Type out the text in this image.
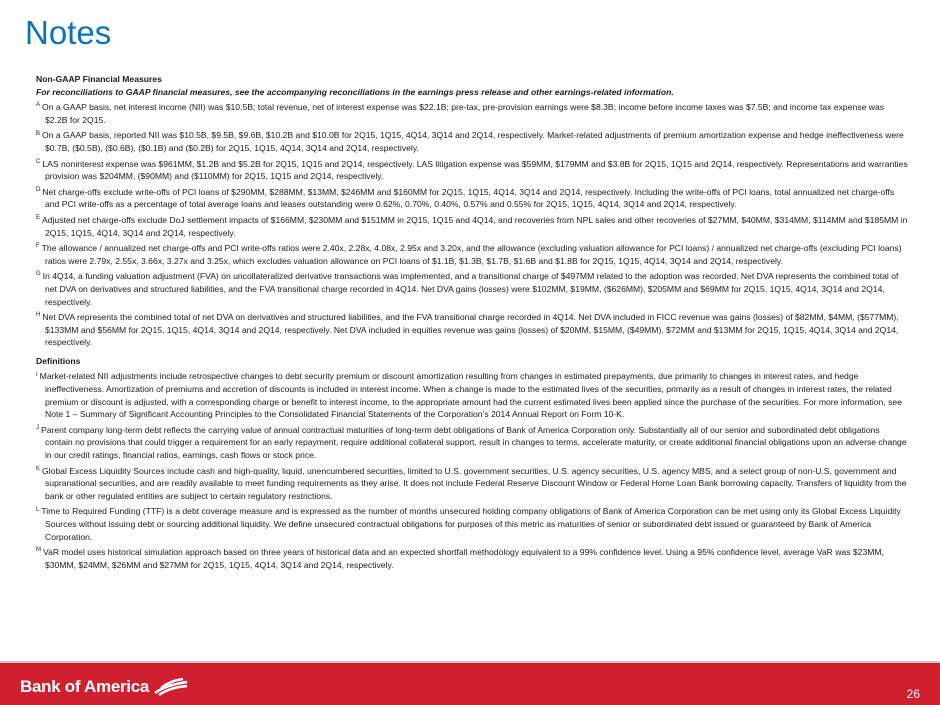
Notes
Non-GAAP Financial Measures
For reconciliations to GAAP financial measures, see the accompanying reconciliations in the earnings press release and other earnings-related information.
$^A$ On a GAAP basis, net interest income (NII) was $10.5B; total revenue, net of interest expense was $22.1B; pre-tax, pre-provision earnings were $8.3B; income before income taxes was $7.5B; and income tax expense was $2.2B for 2Q15.
$^B$ On a GAAP basis, reported NII was $10.5B, $9.5B, $9.6B, $10.2B and $10.0B for 2Q15, 1Q15, 4Q14, 3Q14 and 2Q14, respectively. Market-related adjustments of premium amortization expense and hedge ineffectiveness were $0.7B, ($0.5B), ($0.6B), ($0.1B) and ($0.2B) for 2Q15, 1Q15, 4Q14, 3Q14 and 2Q14, respectively.
$^C$ LAS noninterest expense was $961MM, $1.2B and $5.2B for 2Q15, 1Q15 and 2Q14, respectively. LAS litigation expense was $59MM, $179MM and $3.8B for 2Q15, 1Q15 and 2Q14, respectively. Representations and warranties provision was $204MM, ($90MM) and ($110MM) for 2Q15, 1Q15 and 2Q14, respectively.
$^D$ Net charge-offs exclude write-offs of PCI loans of $290MM, $288MM, $13MM, $246MM and $160MM for 2Q15, 1Q15, 4Q14, 3Q14 and 2Q14, respectively. Including the write-offs of PCI loans, total annualized net charge-offs and PCI write-offs as a percentage of total average loans and leases outstanding were 0.62%, 0.70%, 0.40%, 0.57% and 0.55% for 2Q15, 1Q15, 4Q14, 3Q14 and 2Q14, respectively.
$^E$ Adjusted net charge-offs exclude DoJ settlement impacts of $166MM, $230MM and $151MM in 2Q15, 1Q15 and 4Q14, and recoveries from NPL sales and other recoveries of $27MM, $40MM, $314MM, $114MM and $185MM in 2Q15, 1Q15, 4Q14, 3Q14 and 2Q14, respectively.
$^F$ The allowance / annualized net charge-offs and PCI write-offs ratios were 2.40x, 2.28x, 4.08x, 2.95x and 3.20x, and the allowance (excluding valuation allowance for PCI loans) / annualized net charge-offs (excluding PCI loans) ratios were 2.79x, 2.55x, 3.66x, 3.27x and 3.25x, which excludes valuation allowance on PCI loans of $1.1B, $1.3B, $1.7B, $1.6B and $1.8B for 2Q15, 1Q15, 4Q14, 3Q14 and 2Q14, respectively.
$^G$ In 4Q14, a funding valuation adjustment (FVA) on uncollateralized derivative transactions was implemented, and a transitional charge of $497MM related to the adoption was recorded. Net DVA represents the combined total of net DVA on derivatives and structured liabilities, and the FVA transitional charge recorded in 4Q14. Net DVA gains (losses) were $102MM, $19MM, ($626MM), $205MM and $69MM for 2Q15, 1Q15, 4Q14, 3Q14 and 2Q14, respectively.
$^H$ Net DVA represents the combined total of net DVA on derivatives and structured liabilities, and the FVA transitional charge recorded in 4Q14. Net DVA included in FICC revenue was gains (losses) of $82MM, $4MM, ($577MM), $133MM and $56MM for 2Q15, 1Q15, 4Q14, 3Q14 and 2Q14, respectively. Net DVA included in equities revenue was gains (losses) of $20MM, $15MM, ($49MM), $72MM and $13MM for 2Q15, 1Q15, 4Q14, 3Q14 and 2Q14, respectively.
Definitions
$^I$ Market-related NII adjustments include retrospective changes to debt security premium or discount amortization resulting from changes in estimated prepayments, due primarily to changes in interest rates, and hedge ineffectiveness. Amortization of premiums and accretion of discounts is included in interest income. When a change is made to the estimated lives of the securities, primarily as a result of changes in interest rates, the related premium or discount is adjusted, with a corresponding charge or benefit to interest income, to the appropriate amount had the current estimated lives been applied since the purchase of the securities. For more information, see Note 1 – Summary of Significant Accounting Principles to the Consolidated Financial Statements of the Corporation’s 2014 Annual Report on Form 10-K.
$^J$ Parent company long-term debt reflects the carrying value of annual contractual maturities of long-term debt obligations of Bank of America Corporation only. Substantially all of our senior and subordinated debt obligations contain no provisions that could trigger a requirement for an early repayment, require additional collateral support, result in changes to terms, accelerate maturity, or create additional financial obligations upon an adverse change in our credit ratings, financial ratios, earnings, cash flows or stock price.
$^K$ Global Excess Liquidity Sources include cash and high-quality, liquid, unencumbered securities, limited to U.S. government securities, U.S. agency securities, U.S. agency MBS, and a select group of non-U.S. government and supranational securities, and are readily available to meet funding requirements as they arise. It does not include Federal Reserve Discount Window or Federal Home Loan Bank borrowing capacity. Transfers of liquidity from the bank or other regulated entities are subject to certain regulatory restrictions.
$^L$ Time to Required Funding (TTF) is a debt coverage measure and is expressed as the number of months unsecured holding company obligations of Bank of America Corporation can be met using only its Global Excess Liquidity Sources without issuing debt or sourcing additional liquidity. We define unsecured contractual obligations for purposes of this metric as maturities of senior or subordinated debt issued or guaranteed by Bank of America Corporation.
$^M$ VaR model uses historical simulation approach based on three years of historical data and an expected shortfall methodology equivalent to a 99% confidence level. Using a 95% confidence level, average VaR was $23MM, $30MM, $24MM, $26MM and $27MM for 2Q15, 1Q15, 4Q14, 3Q14 and 2Q14, respectively.
Bank of America	26
